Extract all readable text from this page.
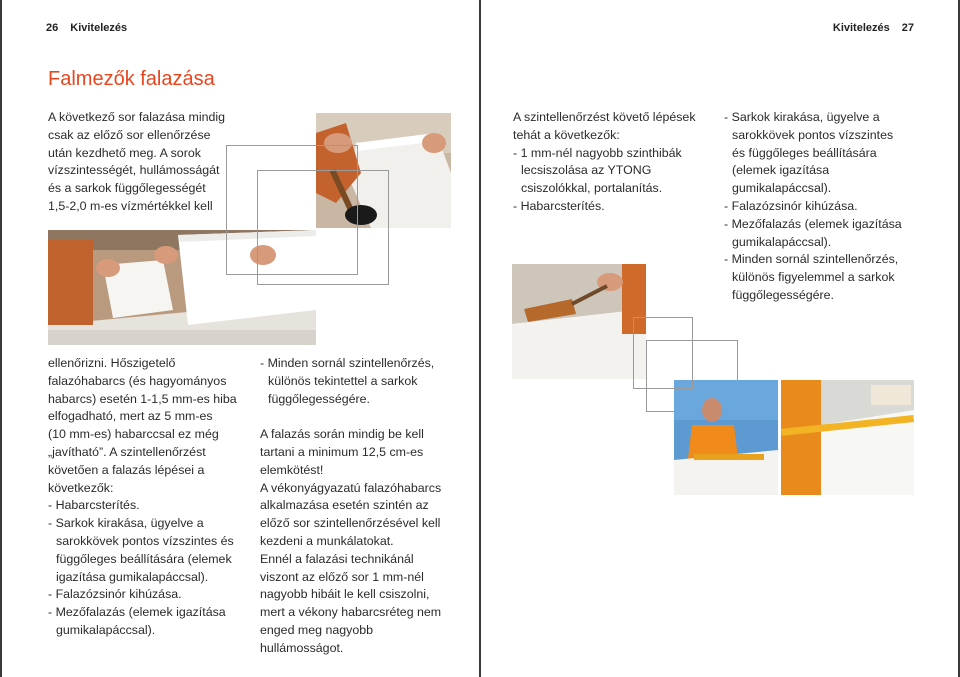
26 Kivitelezés
Falmezők falazása

A következő sor falazása mindig

csak az előző sor ellenőrzése

után kezdhető meg. A sorok

vízszintességét, hullámosságát

és a sarkok függőlegességét

1,5-2,0 m-es vízmértékkel kell

ellenőrizni. Hőszigetelő

falazóhabarcs (és hagyományos

habarcs) esetén 1-1,5 mm-es hiba

elfogadható, mert az 5 mm-es

(10 mm-es) habarccsal ez még

„javítható”. A szintellenőrzést

követően a falazás lépései a

következők:

- Habarcsterítés.

- Sarkok kirakása, ügyelve a sarokkövek pontos vízszintes és függőleges beállítására (elemek igazítása gumikalapáccsal).

- Falazózsinór kihúzása.

- Mezőfalazás (elemek igazítása gumikalapáccsal).

- Minden sornál szintellenőrzés, különös tekintettel a sarkok függőlegességére.

A falazás során mindig be kell tartani a minimum 12,5 cm-es elemkötést!

A vékonyágyazatú falazóhabarcs alkalmazása esetén szintén az előző sor szintellenőrzésével kell kezdeni a munkálatokat.

Ennél a falazási technikánál viszont az előző sor 1 mm-nél nagyobb hibáit le kell csiszolni, mert a vékony habarcsréteg nem enged meg nagyobb hullámosságot.

Kivitelezés 27

A szintellenőrzést követő lépések tehát a következők:

- 1 mm-nél nagyobb szinthibák lecsiszolása az YTONG csiszolókkal, portalanítás.

- Habarcsterítés.

- Sarkok kirakása, ügyelve a sarokkövek pontos vízszintes és függőleges beállítására (elemek igazítása gumikalapáccsal).

- Falazózsinór kihúzása.

- Mezőfalazás (elemek igazítása gumikalapáccsal).

- Minden sornál szintellenőrzés, különös figyelemmel a sarkok függőlegességére.
